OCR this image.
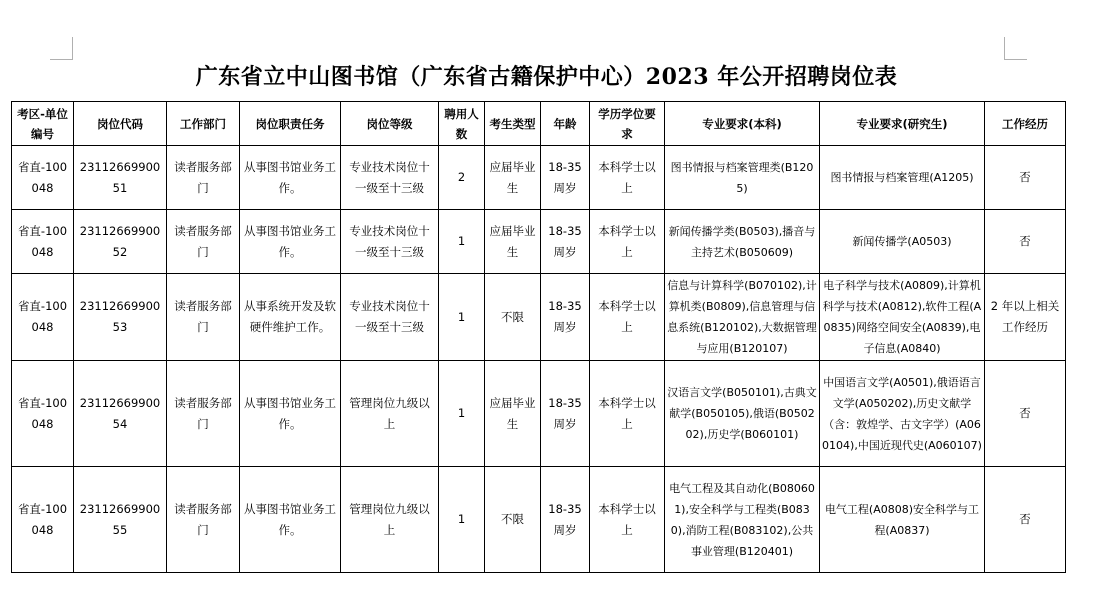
广东省立中山图书馆（广东省古籍保护中心）2023 年公开招聘岗位表
考区-单位编号	岗位代码	工作部门	岗位职责任务	岗位等级	聘用人数	考生类型	年龄	学历学位要求	专业要求(本科)	专业要求(研究生)	工作经历
省直-100048	2311266990051	读者服务部门	从事图书馆业务工作。	专业技术岗位十一级至十三级	2	应届毕业生	18-35周岁	本科学士以上	图书情报与档案管理类(B1205)	图书情报与档案管理(A1205)	否
省直-100048	2311266990052	读者服务部门	从事图书馆业务工作。	专业技术岗位十一级至十三级	1	应届毕业生	18-35周岁	本科学士以上	新闻传播学类(B0503),播音与主持艺术(B050609)	新闻传播学(A0503)	否
省直-100048	2311266990053	读者服务部门	从事系统开发及软硬件维护工作。	专业技术岗位十一级至十三级	1	不限	18-35周岁	本科学士以上	信息与计算科学(B070102),计算机类(B0809),信息管理与信息系统(B120102),大数据管理与应用(B120107)	电子科学与技术(A0809),计算机科学与技术(A0812),软件工程(A0835)网络空间安全(A0839),电子信息(A0840)	2 年以上相关工作经历
省直-100048	2311266990054	读者服务部门	从事图书馆业务工作。	管理岗位九级以上	1	应届毕业生	18-35周岁	本科学士以上	汉语言文学(B050101),古典文献学(B050105),俄语(B050202),历史学(B060101)	中国语言文学(A0501),俄语语言文学(A050202),历史文献学（含：敦煌学、古文字学）(A060104),中国近现代史(A060107)	否
省直-100048	2311266990055	读者服务部门	从事图书馆业务工作。	管理岗位九级以上	1	不限	18-35周岁	本科学士以上	电气工程及其自动化(B080601),安全科学与工程类(B0830),消防工程(B083102),公共事业管理(B120401)	电气工程(A0808)安全科学与工程(A0837)	否
